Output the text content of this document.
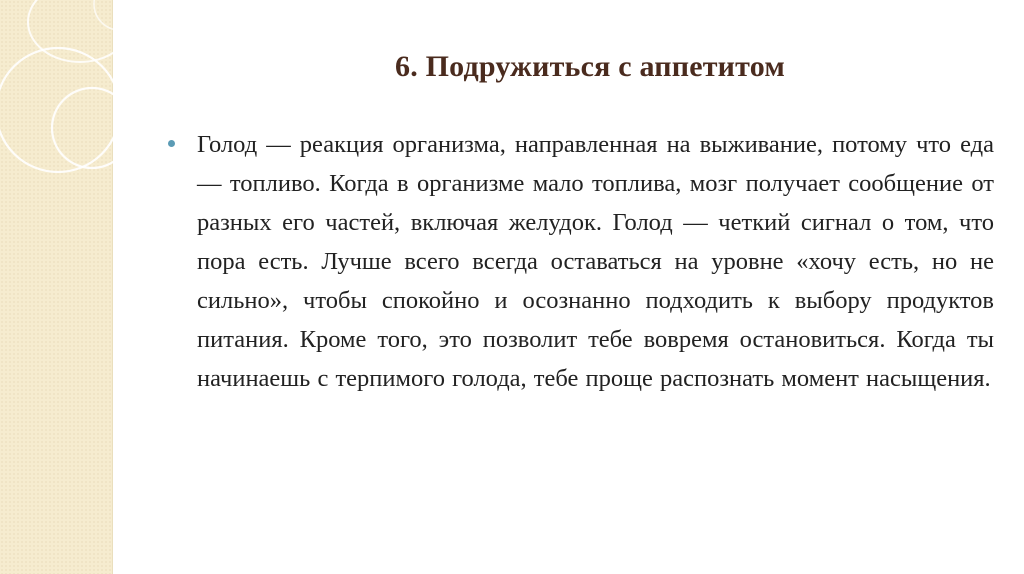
6. Подружиться с аппетитом

Голод — реакция организма, направленная на выживание, потому что еда — топливо. Когда в организме мало топлива, мозг получает сообщение от разных его частей, включая желудок. Голод — четкий сигнал о том, что пора есть. Лучше всего всегда оставаться на уровне «хочу есть, но не сильно», чтобы спокойно и осознанно подходить к выбору продуктов питания. Кроме того, это позволит тебе вовремя остановиться. Когда ты начинаешь с терпимого голода, тебе проще распознать момент насыщения.
